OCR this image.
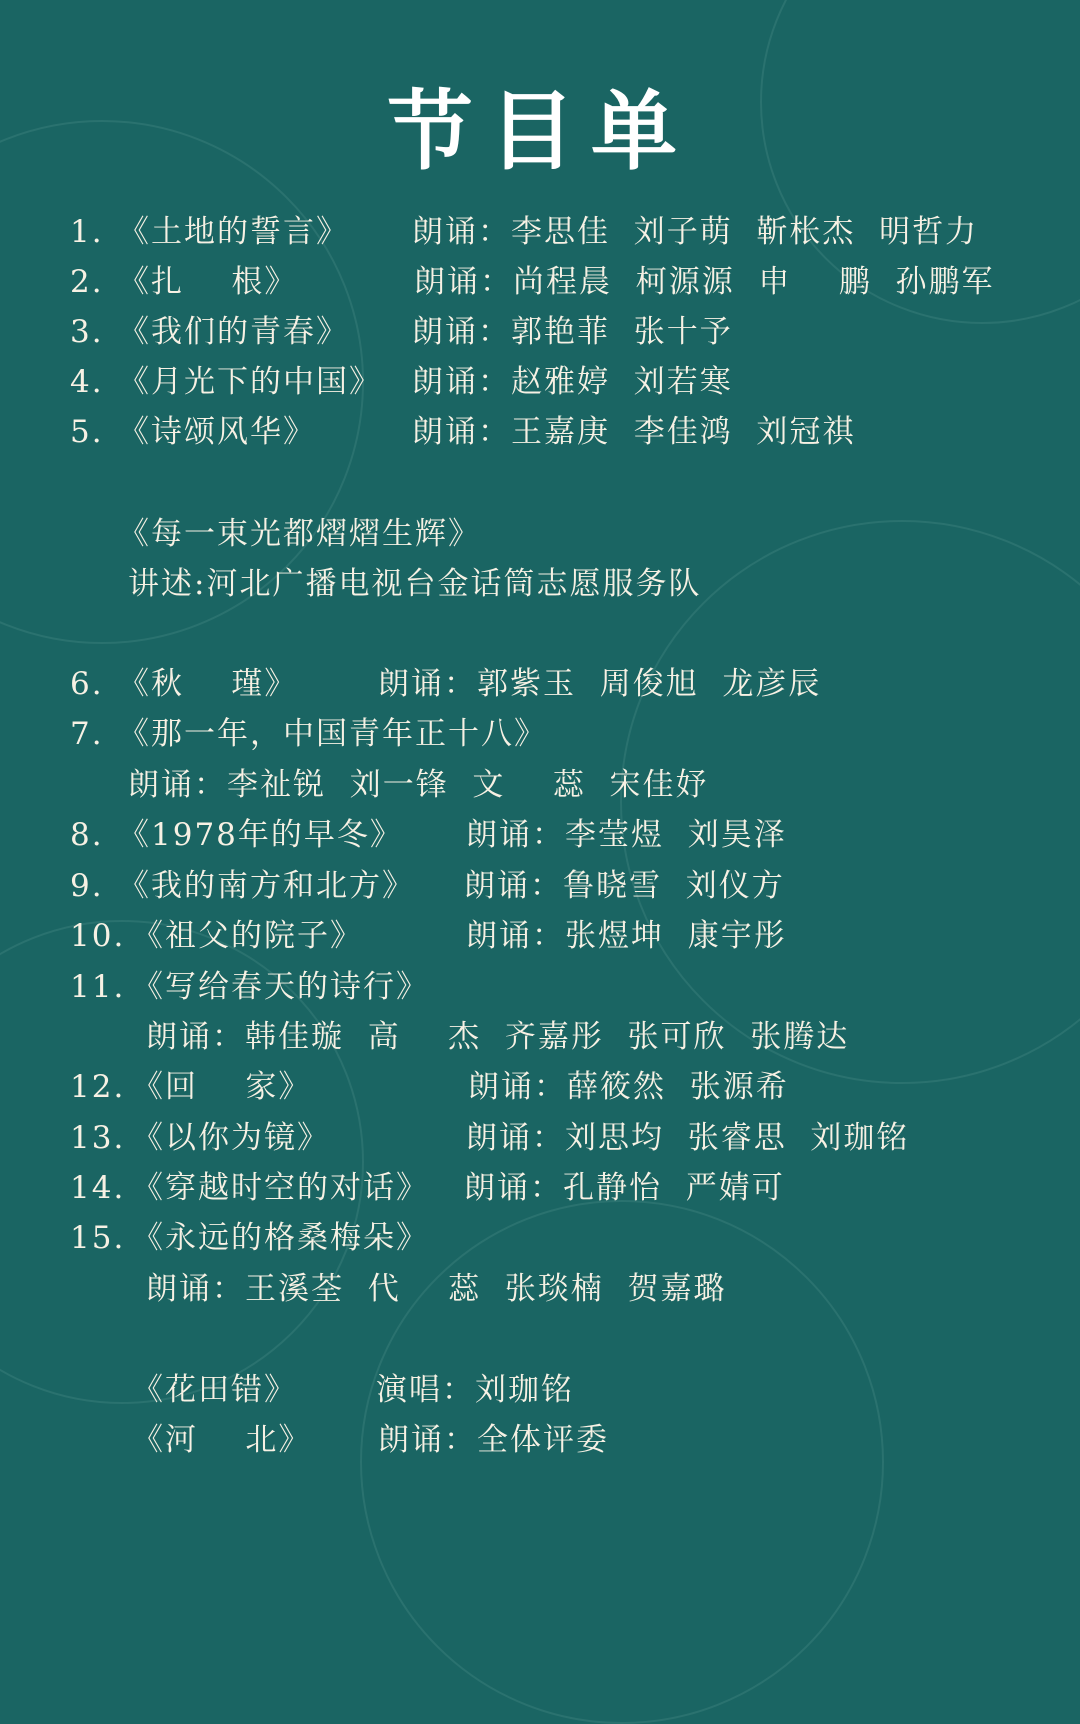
节目单
1. 《土地的誓言》 朗诵：李思佳  刘子萌  靳枨杰  明哲力
2. 《扎    根》	朗诵：尚程晨  柯源源  申    鹏  孙鹏军
3. 《我们的青春》 朗诵：郭艳菲  张十予
4. 《月光下的中国》 朗诵：赵雅婷  刘若寒
5. 《诗颂风华》	朗诵：王嘉庚  李佳鸿  刘冠祺
《每一束光都熠熠生辉》
讲述:河北广播电视台金话筒志愿服务队
6. 《秋    瑾》	朗诵：郭紫玉  周俊旭  龙彦辰
7. 《那一年，中国青年正十八》
朗诵：李祉锐  刘一锋  文    蕊  宋佳妤
8. 《1978年的早冬》 朗诵：李莹煜  刘昊泽
9. 《我的南方和北方》 朗诵：鲁晓雪  刘仪方
10. 《祖父的院子》	朗诵：张煜坤  康宇彤
11. 《写给春天的诗行》
朗诵：韩佳璇  高    杰  齐嘉彤  张可欣  张腾达
12. 《回    家》	朗诵：薛筱然  张源希
13. 《以你为镜》	朗诵：刘思均  张睿思  刘珈铭
14. 《穿越时空的对话》 朗诵：孔静怡  严婧可
15. 《永远的格桑梅朵》
朗诵：王溪荃  代    蕊  张琰楠  贺嘉璐
《花田错》	演唱：刘珈铭
《河    北》 朗诵：全体评委
